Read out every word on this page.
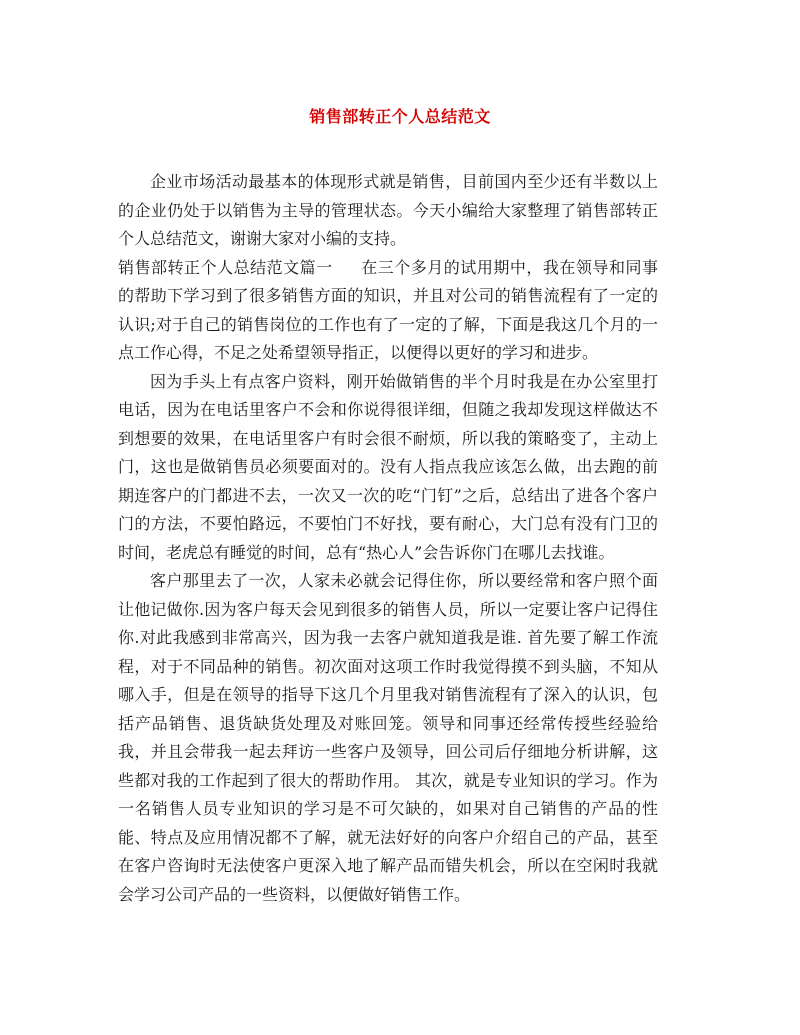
销售部转正个人总结范文

企业市场活动最基本的体现形式就是销售，目前国内至少还有半数以上的企业仍处于以销售为主导的管理状态。今天小编给大家整理了销售部转正个人总结范文，谢谢大家对小编的支持。

销售部转正个人总结范文篇一 在三个多月的试用期中，我在领导和同事的帮助下学习到了很多销售方面的知识，并且对公司的销售流程有了一定的认识;对于自己的销售岗位的工作也有了一定的了解，下面是我这几个月的一点工作心得，不足之处希望领导指正，以便得以更好的学习和进步。

因为手头上有点客户资料，刚开始做销售的半个月时我是在办公室里打电话，因为在电话里客户不会和你说得很详细，但随之我却发现这样做达不到想要的效果，在电话里客户有时会很不耐烦，所以我的策略变了，主动上门，这也是做销售员必须要面对的。没有人指点我应该怎么做，出去跑的前期连客户的门都进不去，一次又一次的吃“门钉”之后，总结出了进各个客户门的方法，不要怕路远，不要怕门不好找，要有耐心，大门总有没有门卫的时间，老虎总有睡觉的时间，总有“热心人”会告诉你门在哪儿去找谁。

客户那里去了一次，人家未必就会记得住你，所以要经常和客户照个面让他记做你.因为客户每天会见到很多的销售人员，所以一定要让客户记得住你.对此我感到非常高兴，因为我一去客户就知道我是谁. 首先要了解工作流程，对于不同品种的销售。初次面对这项工作时我觉得摸不到头脑，不知从哪入手，但是在领导的指导下这几个月里我对销售流程有了深入的认识，包括产品销售、退货缺货处理及对账回笼。领导和同事还经常传授些经验给我，并且会带我一起去拜访一些客户及领导，回公司后仔细地分析讲解，这些都对我的工作起到了很大的帮助作用。 其次，就是专业知识的学习。作为一名销售人员专业知识的学习是不可欠缺的，如果对自己销售的产品的性能、特点及应用情况都不了解，就无法好好的向客户介绍自己的产品，甚至在客户咨询时无法使客户更深入地了解产品而错失机会，所以在空闲时我就会学习公司产品的一些资料，以便做好销售工作。
